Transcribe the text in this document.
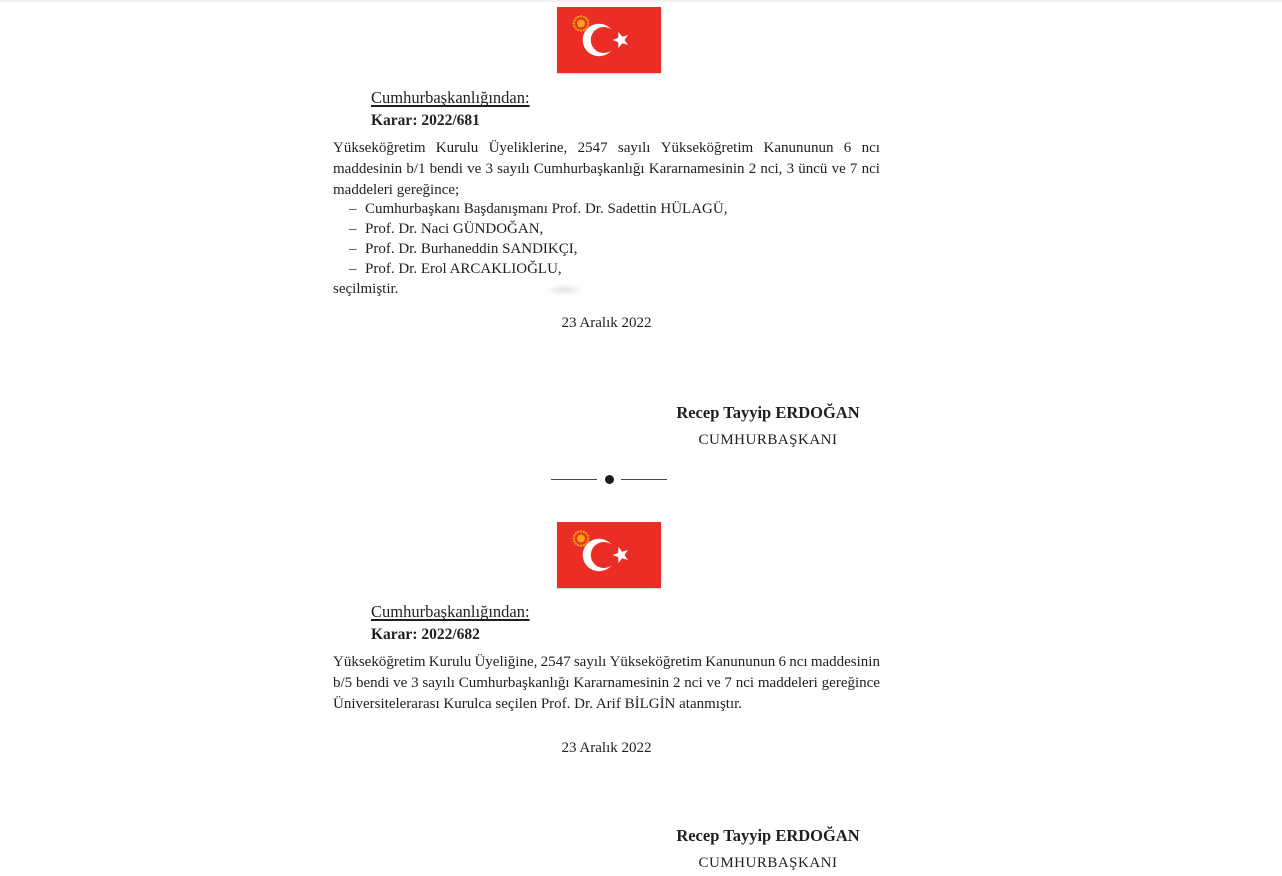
Cumhurbaşkanlığından:
Karar: 2022/681
Yükseköğretim Kurulu Üyeliklerine, 2547 sayılı Yükseköğretim Kanununun 6 ncı
maddesinin b/1 bendi ve 3 sayılı Cumhurbaşkanlığı Kararnamesinin 2 nci, 3 üncü ve 7 nci
maddeleri gereğince;
– Cumhurbaşkanı Başdanışmanı Prof. Dr. Sadettin HÜLAGÜ,
– Prof. Dr. Naci GÜNDOĞAN,
– Prof. Dr. Burhaneddin SANDIKÇI,
– Prof. Dr. Erol ARCAKLIOĞLU,
seçilmiştir.
23 Aralık 2022
Recep Tayyip ERDOĞAN
CUMHURBAŞKANI
Cumhurbaşkanlığından:
Karar: 2022/682
Yükseköğretim Kurulu Üyeliğine, 2547 sayılı Yükseköğretim Kanununun 6 ncı maddesinin
b/5 bendi ve 3 sayılı Cumhurbaşkanlığı Kararnamesinin 2 nci ve 7 nci maddeleri gereğince
Üniversitelerarası Kurulca seçilen Prof. Dr. Arif BİLGİN atanmıştır.
23 Aralık 2022
Recep Tayyip ERDOĞAN
CUMHURBAŞKANI
